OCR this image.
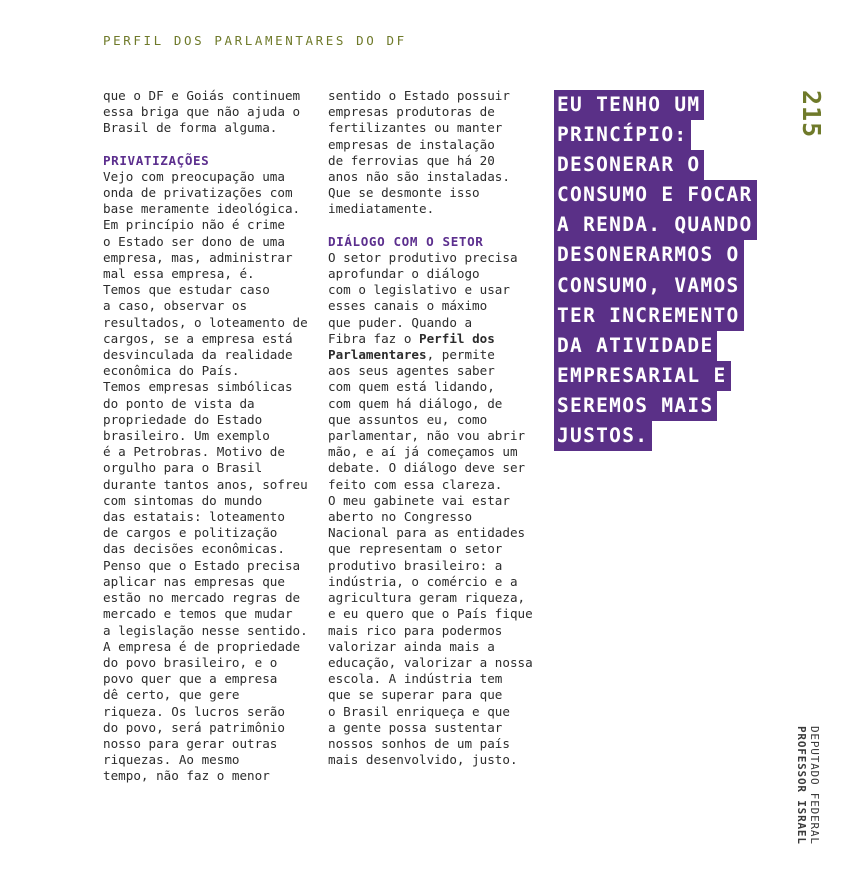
PERFIL DOS PARLAMENTARES DO DF

que o DF e Goiás continuem

essa briga que não ajuda o

Brasil de forma alguma.

PRIVATIZAÇÕES

Vejo com preocupação uma

onda de privatizações com

base meramente ideológica.

Em princípio não é crime

o Estado ser dono de uma

empresa, mas, administrar

mal essa empresa, é.

Temos que estudar caso

a caso, observar os

resultados, o loteamento de

cargos, se a empresa está

desvinculada da realidade

econômica do País.

Temos empresas simbólicas

do ponto de vista da

propriedade do Estado

brasileiro. Um exemplo

é a Petrobras. Motivo de

orgulho para o Brasil

durante tantos anos, sofreu

com sintomas do mundo

das estatais: loteamento

de cargos e politização

das decisões econômicas.

Penso que o Estado precisa

aplicar nas empresas que

estão no mercado regras de

mercado e temos que mudar

a legislação nesse sentido.

A empresa é de propriedade

do povo brasileiro, e o

povo quer que a empresa

dê certo, que gere

riqueza. Os lucros serão

do povo, será patrimônio

nosso para gerar outras

riquezas. Ao mesmo

tempo, não faz o menor

sentido o Estado possuir

empresas produtoras de

fertilizantes ou manter

empresas de instalação

de ferrovias que há 20

anos não são instaladas.

Que se desmonte isso

imediatamente.

DIÁLOGO COM O SETOR

O setor produtivo precisa

aprofundar o diálogo

com o legislativo e usar

esses canais o máximo

que puder. Quando a

Fibra faz o Perfil dos

Parlamentares, permite

aos seus agentes saber

com quem está lidando,

com quem há diálogo, de

que assuntos eu, como

parlamentar, não vou abrir

mão, e aí já começamos um

debate. O diálogo deve ser

feito com essa clareza.

O meu gabinete vai estar

aberto no Congresso

Nacional para as entidades

que representam o setor

produtivo brasileiro: a

indústria, o comércio e a

agricultura geram riqueza,

e eu quero que o País fique

mais rico para podermos

valorizar ainda mais a

educação, valorizar a nossa

escola. A indústria tem

que se superar para que

o Brasil enriqueça e que

a gente possa sustentar

nossos sonhos de um país

mais desenvolvido, justo.

EU TENHO UM
PRINCÍPIO:
DESONERAR O
CONSUMO E FOCAR
A RENDA. QUANDO
DESONERARMOS O
CONSUMO, VAMOS
TER INCREMENTO
DA ATIVIDADE
EMPRESARIAL E
SEREMOS MAIS
JUSTOS.

215
DEPUTADO FEDERAL
PROFESSOR ISRAEL
